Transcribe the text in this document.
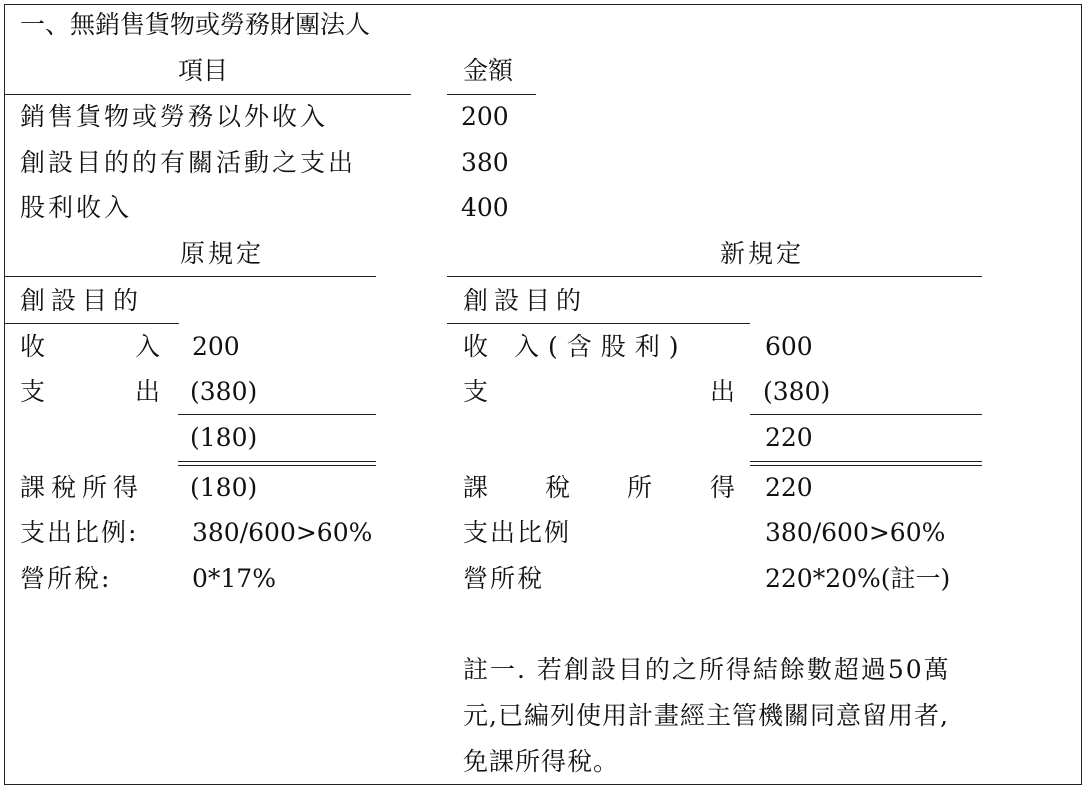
一、無銷售貨物或勞務財團法人
項目	金額
銷售貨物或勞務以外收入	200
創設目的的有關活動之支出	380
股利收入	400
原規定
創設目的
收	入 200
支	出 (380)
(180)
課稅所得 (180)
支出比例: 380/600>60%
營所稅:	0*17%
新規定
創設目的
收 入(含股利)	600
支	出 (380)
220
課 稅 所 得 220
支出比例	380/600>60%
營所稅	220*20%(註一)
註一. 若創設目的之所得結餘數超過50萬
元,已編列使用計畫經主管機關同意留用者,
免課所得稅。
